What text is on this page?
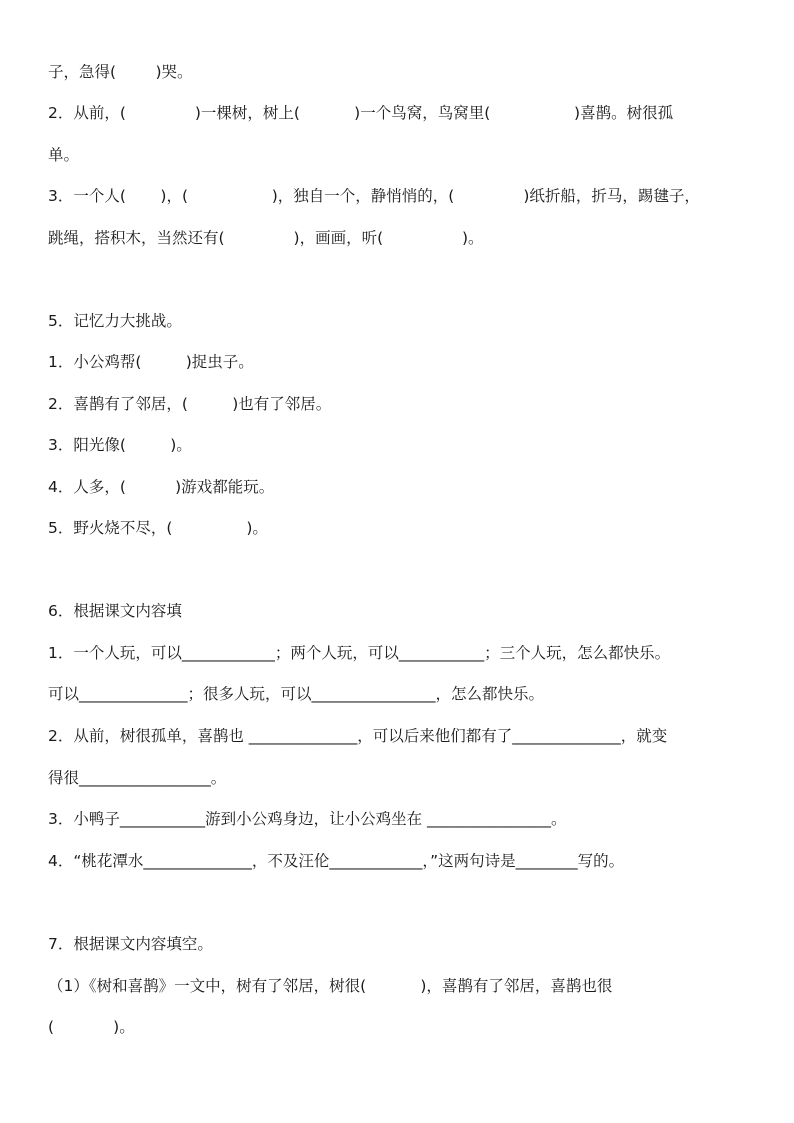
子，急得(        )哭。
2．从前，(              )一棵树，树上(           )一个鸟窝，鸟窝里(                 )喜鹊。树很孤
单。
3．一个人(       )，(                 )，独自一个，静悄悄的，(              )纸折船，折马，踢毽子，
跳绳，搭积木，当然还有(              )，画画，听(                )。
5．记忆力大挑战。
1．小公鸡帮(         )捉虫子。
2．喜鹊有了邻居，(         )也有了邻居。
3．阳光像(         )。
4．人多，(          )游戏都能玩。
5．野火烧不尽，(               )。
6．根据课文内容填
1．一个人玩，可以____________；两个人玩，可以___________；三个人玩，怎么都快乐。
可以______________；很多人玩，可以________________，怎么都快乐。
2．从前，树很孤单，喜鹊也 ______________，可以后来他们都有了______________，就变
得很_________________。
3．小鸭子___________游到小公鸡身边，让小公鸡坐在 ________________。
4．“桃花潭水______________，不及汪伦____________，”这两句诗是________写的。
7．根据课文内容填空。
（1）《树和喜鹊》一文中，树有了邻居，树很(           )，喜鹊有了邻居，喜鹊也很
(            )。
